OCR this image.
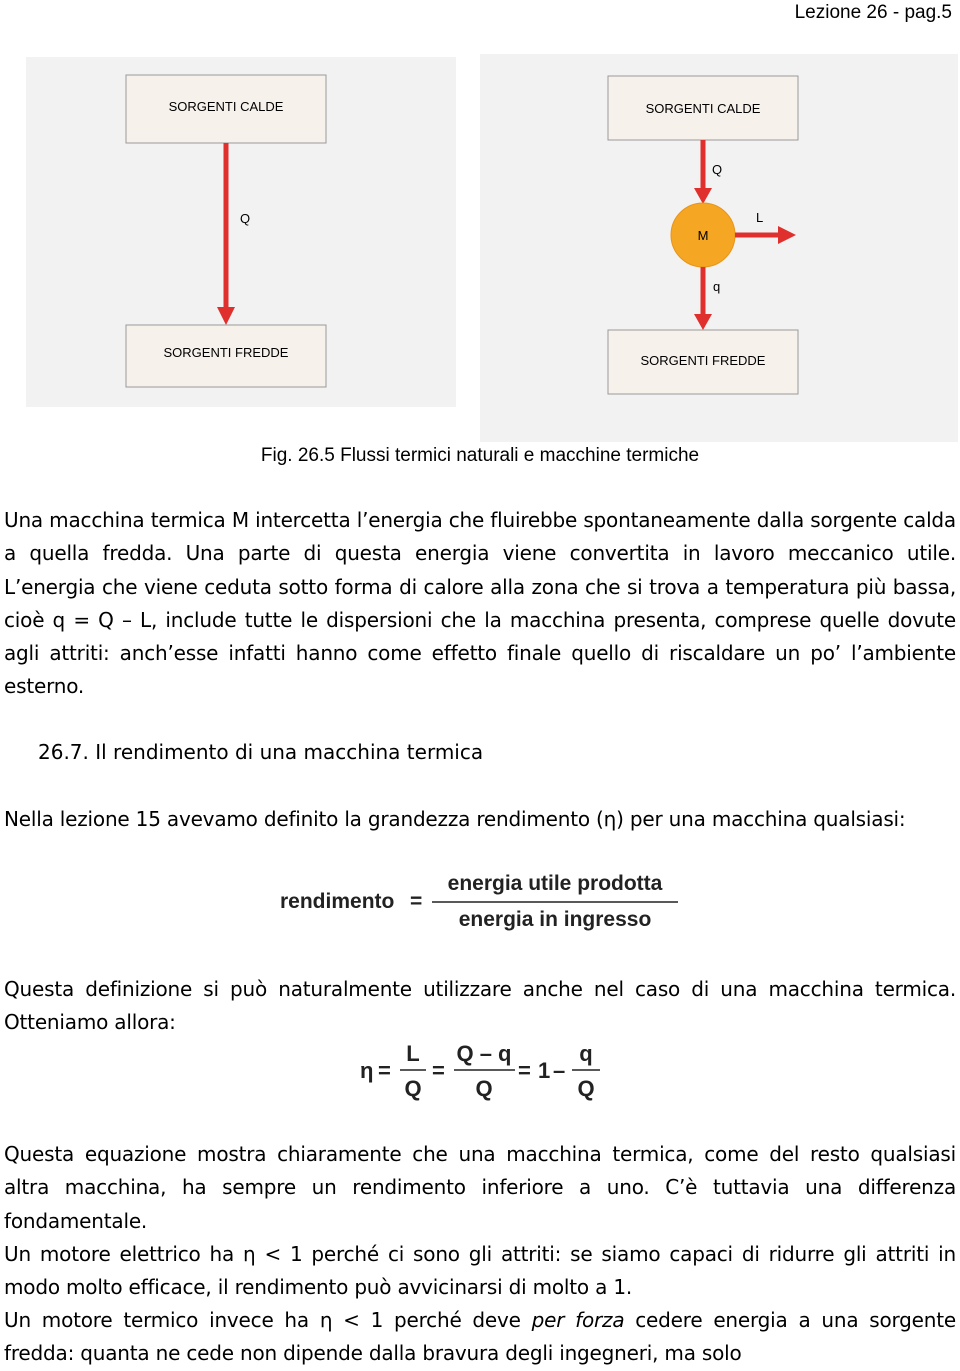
Lezione 26 - pag.5
SORGENTI CALDE
Q
SORGENTI FREDDE
SORGENTI CALDE
Q
M
L
q
SORGENTI FREDDE
Fig. 26.5 Flussi termici naturali e macchine termiche
Una macchina termica M intercetta l’energia che fluirebbe spontaneamente dalla sorgente calda a quella fredda. Una parte di questa energia viene convertita in lavoro meccanico utile. L’energia che viene ceduta sotto forma di calore alla zona che si trova a temperatura più bassa, cioè q = Q – L, include tutte le dispersioni che la macchina presenta, comprese quelle dovute agli attriti: anch’esse infatti hanno come effetto finale quello di riscaldare un po’ l’ambiente esterno.
26.7. Il rendimento di una macchina termica
Nella lezione 15 avevamo definito la grandezza rendimento (η) per una macchina qualsiasi:
rendimento =
energia utile prodotta
energia in ingresso
Questa definizione si può naturalmente utilizzare anche nel caso di una macchina termica. Otteniamo allora:
η =
L
Q
=
Q – q
Q
= 1 –
q
Q
Questa equazione mostra chiaramente che una macchina termica, come del resto qualsiasi altra macchina, ha sempre un rendimento inferiore a uno. C’è tuttavia una differenza fondamentale.
Un motore elettrico ha η < 1 perché ci sono gli attriti: se siamo capaci di ridurre gli attriti in modo molto efficace, il rendimento può avvicinarsi di molto a 1.
Un motore termico invece ha η < 1 perché deve per forza cedere energia a una sorgente fredda: quanta ne cede non dipende dalla bravura degli ingegneri, ma solo
